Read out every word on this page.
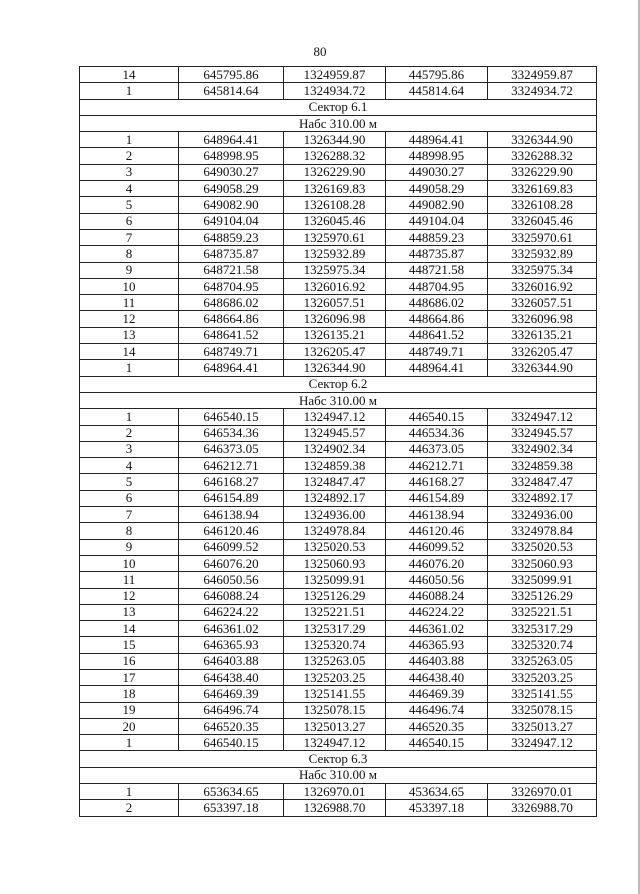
80
14	645795.86	1324959.87	445795.86	3324959.87
1	645814.64	1324934.72	445814.64	3324934.72
Сектор 6.1				
Набс 310.00 м				
1	648964.41	1326344.90	448964.41	3326344.90
2	648998.95	1326288.32	448998.95	3326288.32
3	649030.27	1326229.90	449030.27	3326229.90
4	649058.29	1326169.83	449058.29	3326169.83
5	649082.90	1326108.28	449082.90	3326108.28
6	649104.04	1326045.46	449104.04	3326045.46
7	648859.23	1325970.61	448859.23	3325970.61
8	648735.87	1325932.89	448735.87	3325932.89
9	648721.58	1325975.34	448721.58	3325975.34
10	648704.95	1326016.92	448704.95	3326016.92
11	648686.02	1326057.51	448686.02	3326057.51
12	648664.86	1326096.98	448664.86	3326096.98
13	648641.52	1326135.21	448641.52	3326135.21
14	648749.71	1326205.47	448749.71	3326205.47
1	648964.41	1326344.90	448964.41	3326344.90
Сектор 6.2				
Набс 310.00 м				
1	646540.15	1324947.12	446540.15	3324947.12
2	646534.36	1324945.57	446534.36	3324945.57
3	646373.05	1324902.34	446373.05	3324902.34
4	646212.71	1324859.38	446212.71	3324859.38
5	646168.27	1324847.47	446168.27	3324847.47
6	646154.89	1324892.17	446154.89	3324892.17
7	646138.94	1324936.00	446138.94	3324936.00
8	646120.46	1324978.84	446120.46	3324978.84
9	646099.52	1325020.53	446099.52	3325020.53
10	646076.20	1325060.93	446076.20	3325060.93
11	646050.56	1325099.91	446050.56	3325099.91
12	646088.24	1325126.29	446088.24	3325126.29
13	646224.22	1325221.51	446224.22	3325221.51
14	646361.02	1325317.29	446361.02	3325317.29
15	646365.93	1325320.74	446365.93	3325320.74
16	646403.88	1325263.05	446403.88	3325263.05
17	646438.40	1325203.25	446438.40	3325203.25
18	646469.39	1325141.55	446469.39	3325141.55
19	646496.74	1325078.15	446496.74	3325078.15
20	646520.35	1325013.27	446520.35	3325013.27
1	646540.15	1324947.12	446540.15	3324947.12
Сектор 6.3				
Набс 310.00 м				
1	653634.65	1326970.01	453634.65	3326970.01
2	653397.18	1326988.70	453397.18	3326988.70
